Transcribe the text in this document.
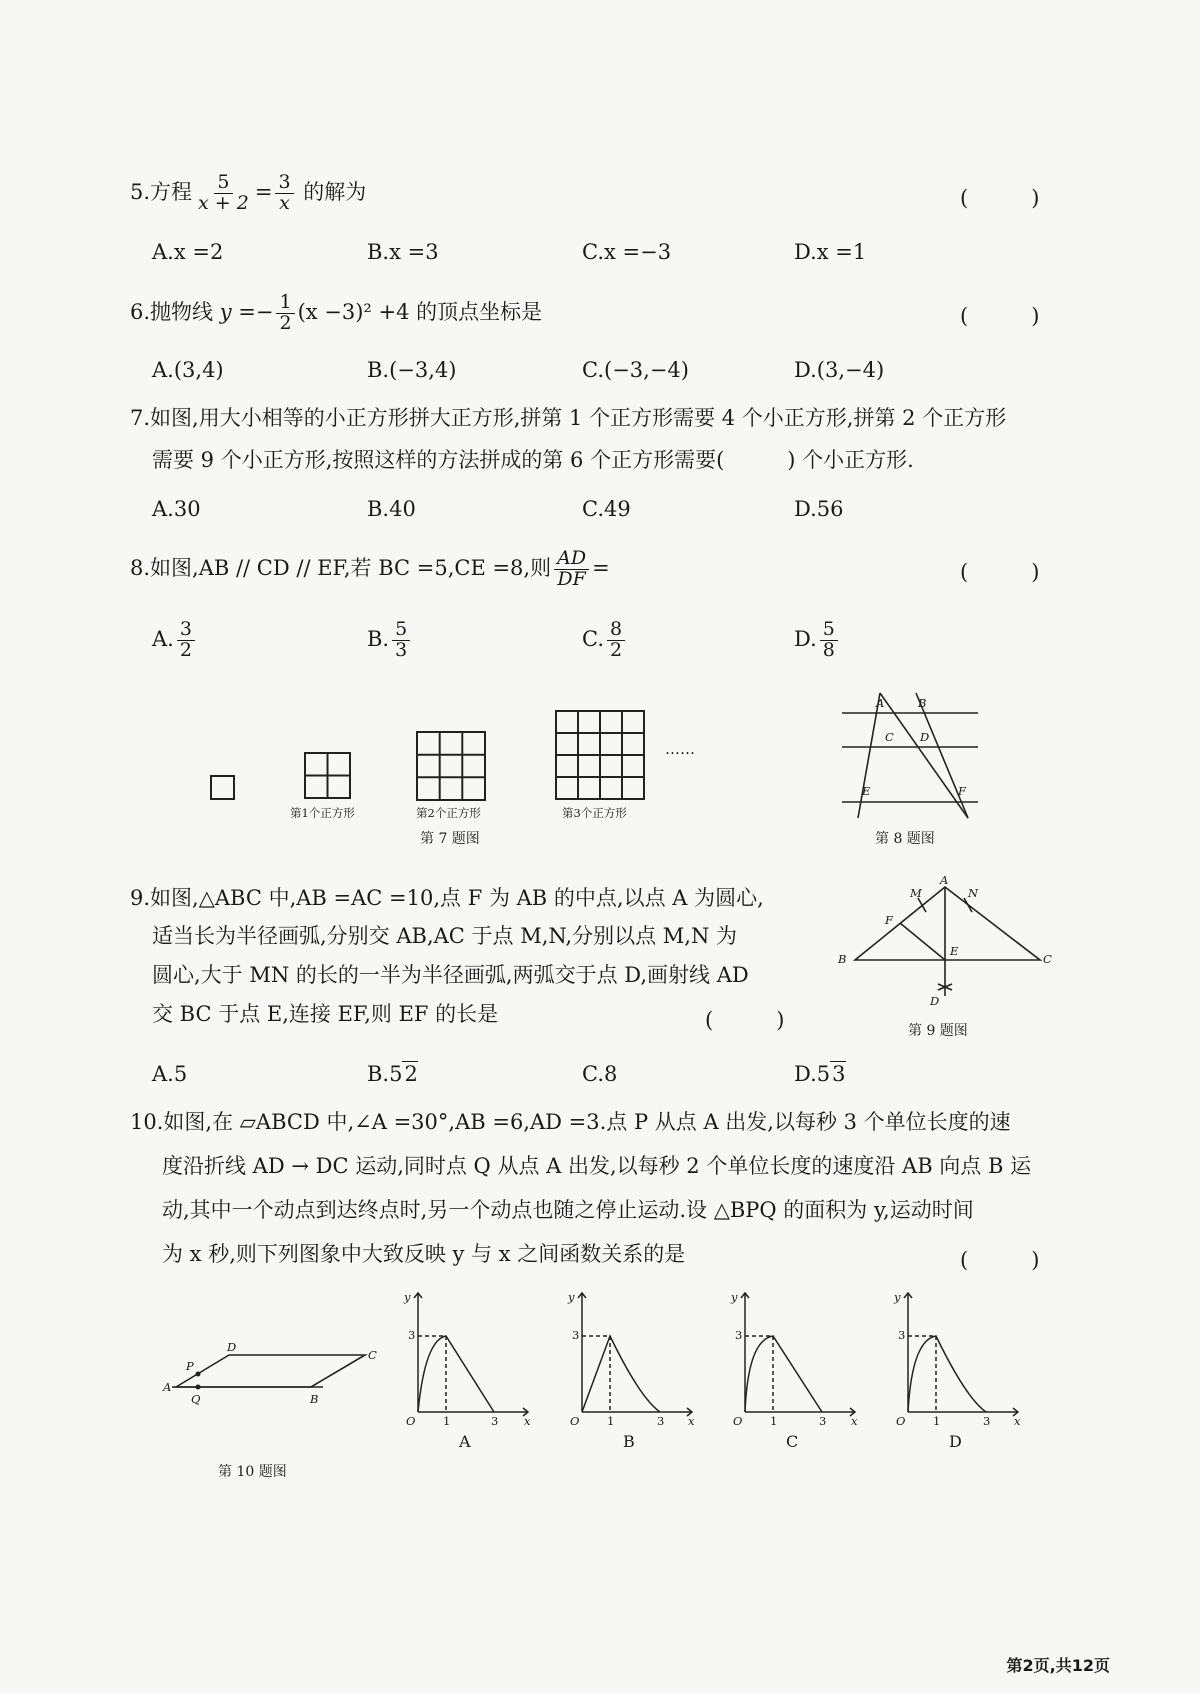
5.方程 $\frac{5}{x + 2} = \frac{3}{x}$ 的解为	(　　　)
A.x =2	B.x =3	C.x =−3	D.x =1
6.抛物线 $y =- \frac{1}{2} (x -3)^2 +4$ 的顶点坐标是	(　　　)
A.(3,4)	B.(−3,4)	C.(−3,−4)	D.(3,−4)
7.如图,用大小相等的小正方形拼大正方形,拼第 1 个正方形需要 4 个小正方形,拼第 2 个正方形
需要 9 个小正方形,按照这样的方法拼成的第 6 个正方形需要(　　　) 个小正方形.
A.30	B.40	C.49	D.56
8.如图,AB // CD // EF,若 BC =5,CE =8,则 $\frac{AD}{DF}$ =	(　　　)
A. $\frac{3}{2}$	B. $\frac{5}{3}$	C. $\frac{8}{2}$	D. $\frac{5}{8}$
第1个正方形	第2个正方形	第3个正方形
……
第 7 题图
A	B
C D
E	F
第 8 题图
9.如图,△ABC 中,AB =AC =10,点 F 为 AB 的中点,以点 A 为圆心,
适当长为半径画弧,分别交 AB,AC 于点 M,N,分别以点 M,N 为
圆心,大于 MN 的长的一半为半径画弧,两弧交于点 D,画射线 AD
交 BC 于点 E,连接 EF,则 EF 的长是	(　　　)
A.5	B.52	C.8	D.53
A
M	N
F
B
E
C
D
第 9 题图
10.如图,在 ▱ABCD 中,∠A =30°,AB =6,AD =3.点 P 从点 A 出发,以每秒 3 个单位长度的速
度沿折线 AD → DC 运动,同时点 Q 从点 A 出发,以每秒 2 个单位长度的速度沿 AB 向点 B 运
动,其中一个动点到达终点时,另一个动点也随之停止运动.设 △BPQ 的面积为 y,运动时间
为 x 秒,则下列图象中大致反映 y 与 x 之间函数关系的是	(　　　)
A
P
D
C
Q	B
第 10 题图
y
x
O
3
1	3
A
y
x
O
3
1	3
B
y
x
O
3
1	3
C
y
x
O
3
1	3
D
第2页,共12页
